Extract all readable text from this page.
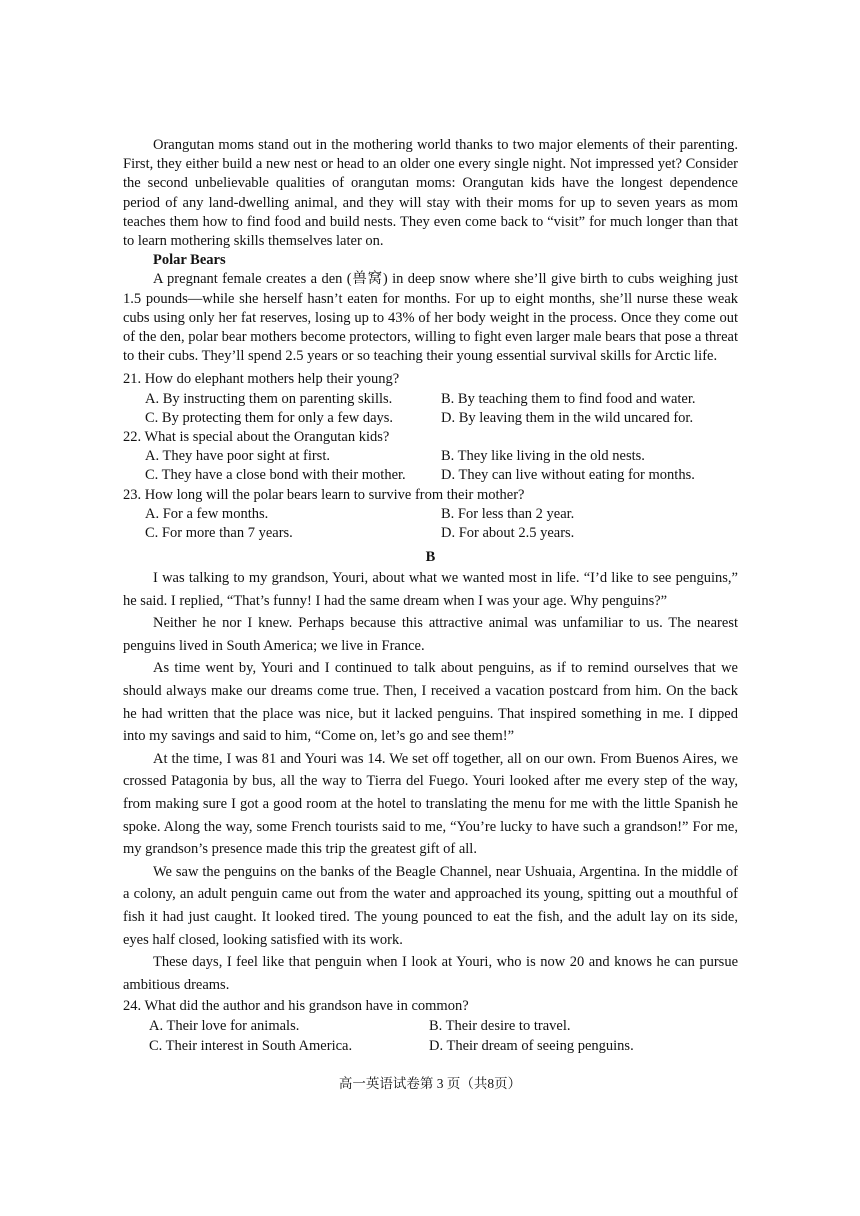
Orangutan moms stand out in the mothering world thanks to two major elements of their parenting. First, they either build a new nest or head to an older one every single night. Not impressed yet? Consider the second unbelievable qualities of orangutan moms: Orangutan kids have the longest dependence period of any land-dwelling animal, and they will stay with their moms for up to seven years as mom teaches them how to find food and build nests. They even come back to “visit” for much longer than that to learn mothering skills themselves later on.

Polar Bears

A pregnant female creates a den (兽窝) in deep snow where she’ll give birth to cubs weighing just 1.5 pounds—while she herself hasn’t eaten for months. For up to eight months, she’ll nurse these weak cubs using only her fat reserves, losing up to 43% of her body weight in the process. Once they come out of the den, polar bear mothers become protectors, willing to fight even larger male bears that pose a threat to their cubs. They’ll spend 2.5 years or so teaching their young essential survival skills for Arctic life.

21. How do elephant mothers help their young?

A. By instructing them on parenting skills.	B. By teaching them to find food and water.
C. By protecting them for only a few days.	D. By leaving them in the wild uncared for.

22. What is special about the Orangutan kids?

A. They have poor sight at first.	B. They like living in the old nests.
C. They have a close bond with their mother.	D. They can live without eating for months.

23. How long will the polar bears learn to survive from their mother?

A. For a few months.	B. For less than 2 year.
C. For more than 7 years.	D. For about 2.5 years.

B

I was talking to my grandson, Youri, about what we wanted most in life. “I’d like to see penguins,” he said. I replied, “That’s funny! I had the same dream when I was your age. Why penguins?”

Neither he nor I knew. Perhaps because this attractive animal was unfamiliar to us. The nearest penguins lived in South America; we live in France.

As time went by, Youri and I continued to talk about penguins, as if to remind ourselves that we should always make our dreams come true. Then, I received a vacation postcard from him. On the back he had written that the place was nice, but it lacked penguins. That inspired something in me. I dipped into my savings and said to him, “Come on, let’s go and see them!”

At the time, I was 81 and Youri was 14. We set off together, all on our own. From Buenos Aires, we crossed Patagonia by bus, all the way to Tierra del Fuego. Youri looked after me every step of the way, from making sure I got a good room at the hotel to translating the menu for me with the little Spanish he spoke. Along the way, some French tourists said to me, “You’re lucky to have such a grandson!” For me, my grandson’s presence made this trip the greatest gift of all.

We saw the penguins on the banks of the Beagle Channel, near Ushuaia, Argentina. In the middle of a colony, an adult penguin came out from the water and approached its young, spitting out a mouthful of fish it had just caught. It looked tired. The young pounced to eat the fish, and the adult lay on its side, eyes half closed, looking satisfied with its work.

These days, I feel like that penguin when I look at Youri, who is now 20 and knows he can pursue ambitious dreams.

24. What did the author and his grandson have in common?

A. Their love for animals.	B. Their desire to travel.
C. Their interest in South America.	D. Their dream of seeing penguins.
高一英语试卷第 3 页（共8页）
